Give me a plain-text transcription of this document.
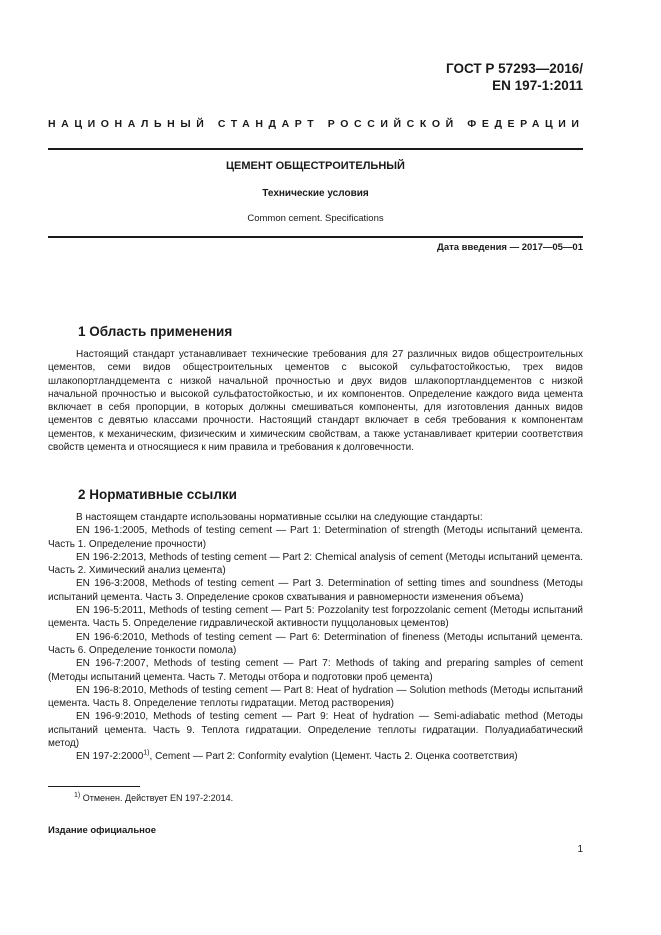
ГОСТ Р 57293—2016/
EN 197-1:2011
НАЦИОНАЛЬНЫЙ СТАНДАРТ РОССИЙСКОЙ ФЕДЕРАЦИИ
ЦЕМЕНТ ОБЩЕСТРОИТЕЛЬНЫЙ
Технические условия
Common cement. Specifications
Дата введения — 2017—05—01
1 Область применения

Настоящий стандарт устанавливает технические требования для 27 различных видов общестроительных цементов, семи видов общестроительных цементов с высокой сульфатостойкостью, трех видов шлакопортландцемента с низкой начальной прочностью и двух видов шлакопортландцементов с низкой начальной прочностью и высокой сульфатостойкостью, и их компонентов. Определение каждого вида цемента включает в себя пропорции, в которых должны смешиваться компоненты, для изготовления данных видов цементов с девятью классами прочности. Настоящий стандарт включает в себя требования к компонентам цементов, к механическим, физическим и химическим свойствам, а также устанавливает критерии соответствия свойств цемента и относящиеся к ним правила и требования к долговечности.

2 Нормативные ссылки

В настоящем стандарте использованы нормативные ссылки на следующие стандарты:

EN 196-1:2005, Methods of testing cement — Part 1: Determination of strength (Методы испытаний цемента. Часть 1. Определение прочности)

EN 196-2:2013, Methods of testing cement — Part 2: Chemical analysis of cement (Методы испытаний цемента. Часть 2. Химический анализ цемента)

EN 196-3:2008, Methods of testing cement — Part 3. Determination of setting times and soundness (Методы испытаний цемента. Часть 3. Определение сроков схватывания и равномерности изменения объема)

EN 196-5:2011, Methods of testing cement — Part 5: Pozzolanity test forpozzolanic cement (Методы испытаний цемента. Часть 5. Определение гидравлической активности пуццолановых цементов)

EN 196-6:2010, Methods of testing cement — Part 6: Determination of fineness (Методы испытаний цемента. Часть 6. Определение тонкости помола)

EN 196-7:2007, Methods of testing cement — Part 7: Methods of taking and preparing samples of cement (Методы испытаний цемента. Часть 7. Методы отбора и подготовки проб цемента)

EN 196-8:2010, Methods of testing cement — Part 8: Heat of hydration — Solution methods (Методы испытаний цемента. Часть 8. Определение теплоты гидратации. Метод растворения)

EN 196-9:2010, Methods of testing cement — Part 9: Heat of hydration — Semi-adiabatic method (Методы испытаний цемента. Часть 9. Теплота гидратации. Определение теплоты гидратации. Полуадиабатический метод)

EN 197-2:2000$^{1)}$, Cement — Part 2: Conformity evalytion (Цемент. Часть 2. Оценка соответствия)

$^{1)}$ Отменен. Действует EN 197-2:2014.
Издание официальное
1
